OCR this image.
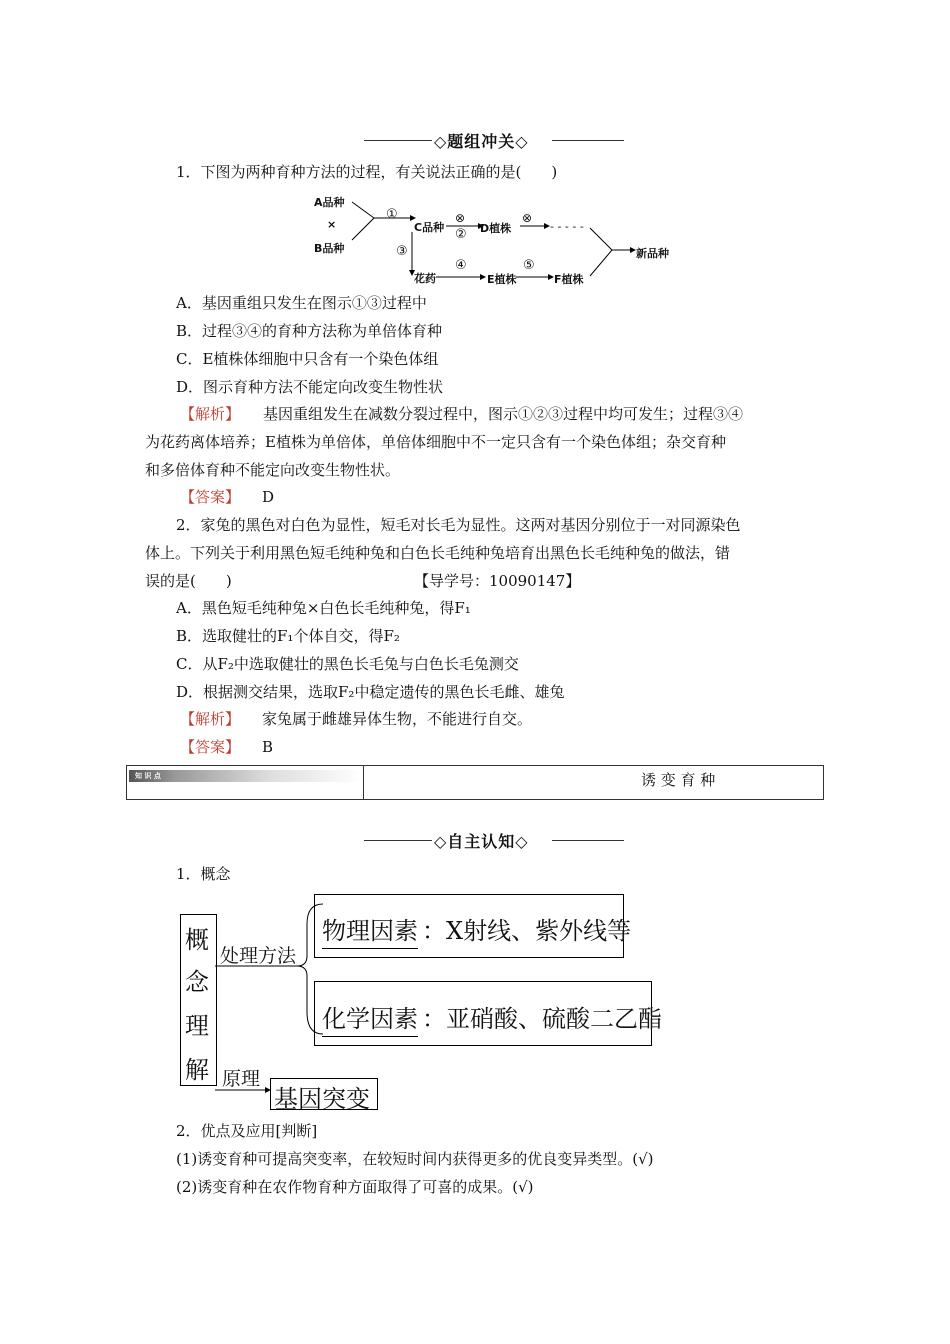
◇题组冲关◇
1．下图为两种育种方法的过程，有关说法正确的是(　　)
A品种
×
B品种
①
C品种
⊗
② D植株
⊗
- - - - -
③
花药
④
E植株
⑤
F植株
新品种
A．基因重组只发生在图示①③过程中
B．过程③④的育种方法称为单倍体育种
C．E植株体细胞中只含有一个染色体组
D．图示育种方法不能定向改变生物性状
【解析】 基因重组发生在减数分裂过程中，图示①②③过程中均可发生；过程③④
为花药离体培养；E植株为单倍体，单倍体细胞中不一定只含有一个染色体组；杂交育种
和多倍体育种不能定向改变生物性状。
【答案】 D
2．家兔的黑色对白色为显性，短毛对长毛为显性。这两对基因分别位于一对同源染色
体上。下列关于利用黑色短毛纯种兔和白色长毛纯种兔培育出黑色长毛纯种兔的做法，错
误的是(　　)	【导学号：10090147】
A．黑色短毛纯种兔×白色长毛纯种兔，得F₁
B．选取健壮的F₁个体自交，得F₂
C．从F₂中选取健壮的黑色长毛兔与白色长毛兔测交
D．根据测交结果，选取F₂中稳定遗传的黑色长毛雌、雄兔
【解析】 家兔属于雌雄异体生物，不能进行自交。
【答案】 B
知 识 点	诱 变 育 种
◇自主认知◇
1．概念
概
念
理
解
处理方法
物理因素 ：X射线、紫外线等
化学因素 ：亚硝酸、硫酸二乙酯
原理
基因突变
2．优点及应用[判断]
(1)诱变育种可提高突变率，在较短时间内获得更多的优良变异类型。(√)
(2)诱变育种在农作物育种方面取得了可喜的成果。(√)
